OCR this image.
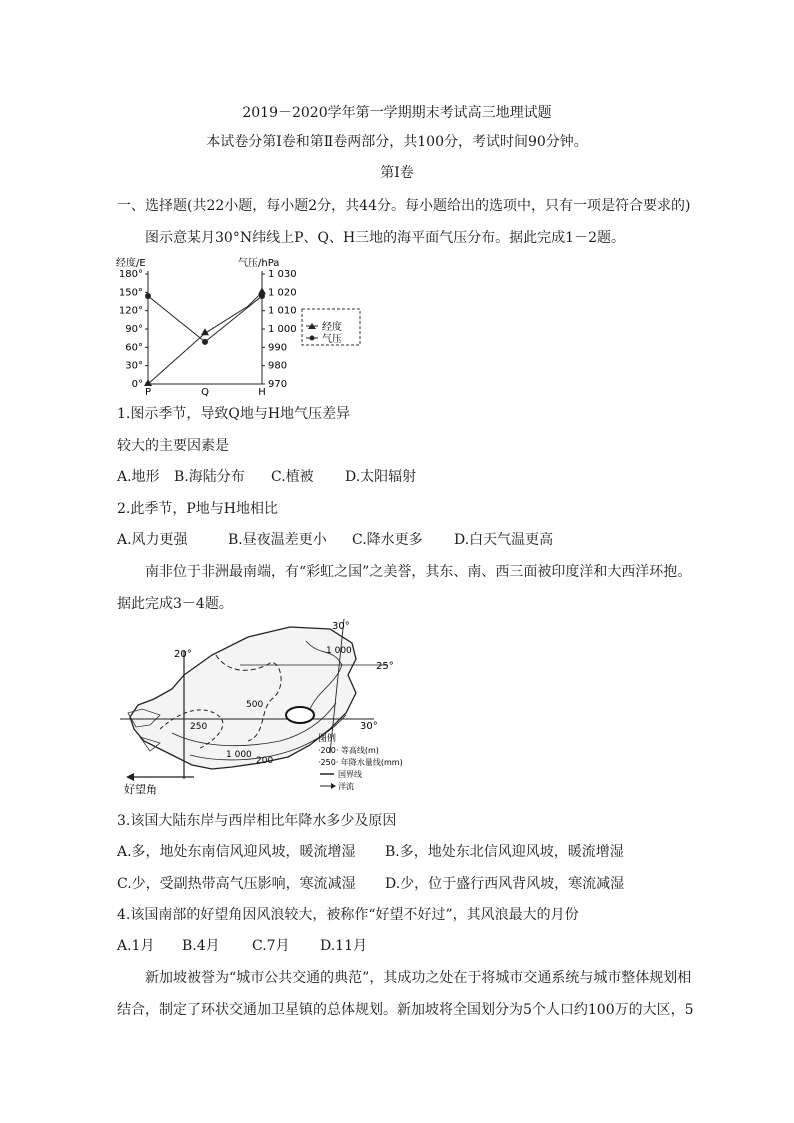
2019－2020学年第一学期期末考试高三地理试题
本试卷分第Ⅰ卷和第Ⅱ卷两部分，共100分，考试时间90分钟。
第Ⅰ卷
一、选择题(共22小题，每小题2分，共44分。每小题给出的选项中，只有一项是符合要求的)
图示意某月30°N纬线上P、Q、H三地的海平面气压分布。据此完成1－2题。
经度/E	气压/hPa
180°
150°
120°
90°
60°
30°
0°
1 030
1 020
1 010
1 000
990
980
970
P	Q	H
经度
气压
1.图示季节，导致Q地与H地气压差异
较大的主要因素是
A.地形 B.海陆分布 C.植被 D.太阳辐射
2.此季节，P地与H地相比
A.风力更强	B.昼夜温差更小 C.降水更多 D.白天气温更高
南非位于非洲最南端，有“彩虹之国”之美誉，其东、南、西三面被印度洋和大西洋环抱。
据此完成3－4题。
30°
20°
25°
30°
1 000
500
250
1 000
200
好望角
图例
·200· 等高线(m)
·250· 年降水量线(mm)
国界线
洋流
3.该国大陆东岸与西岸相比年降水多少及原因
A.多，地处东南信风迎风坡，暖流增湿 B.多，地处东北信风迎风坡，暖流增湿
C.少，受副热带高气压影响，寒流减湿 D.少，位于盛行西风背风坡，寒流减湿
4.该国南部的好望角因风浪较大，被称作“好望不好过”，其风浪最大的月份
A.1月 B.4月 C.7月 D.11月
新加坡被誉为“城市公共交通的典范”，其成功之处在于将城市交通系统与城市整体规划相
结合，制定了环状交通加卫星镇的总体规划。新加坡将全国划分为5个人口约100万的大区，5
